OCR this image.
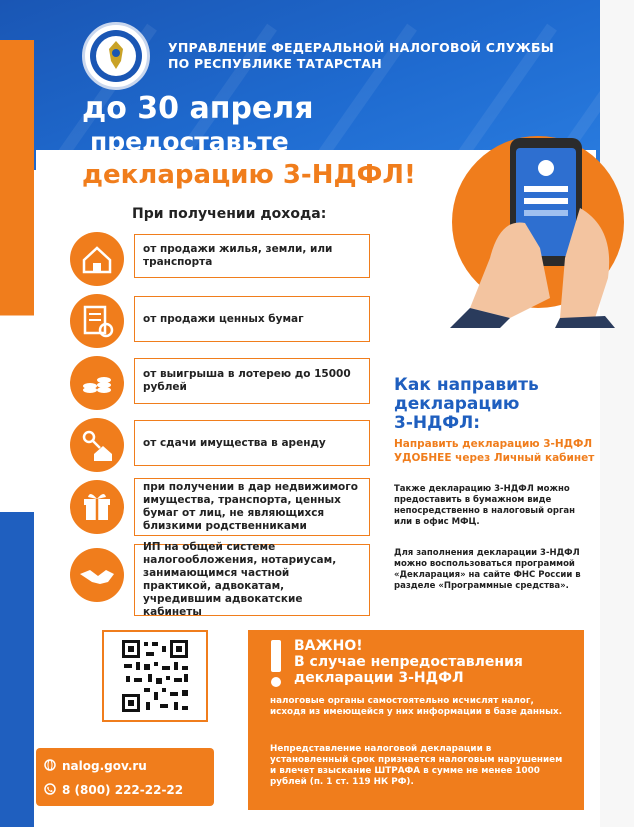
УПРАВЛЕНИЕ ФЕДЕРАЛЬНОЙ НАЛОГОВОЙ СЛУЖБЫ
ПО РЕСПУБЛИКЕ ТАТАРСТАН
до 30 апреля
предоставьте
декларацию 3-НДФЛ!
При получении дохода:
от продажи жилья, земли, или транспорта
от продажи ценных бумаг
от выигрыша в лотерею до 15000 рублей
от сдачи имущества в аренду
при получении в дар недвижимого имущества, транспорта, ценных бумаг от лиц, не являющихся близкими родственниками
ИП на общей системе налогообложения, нотариусам, занимающимся частной практикой, адвокатам, учредившим адвокатские кабинеты
Как направить
декларацию
3-НДФЛ:
Направить декларацию 3-НДФЛ
УДОБНЕЕ через Личный кабинет
Также декларацию 3-НДФЛ можно предоставить в бумажном виде непосредственно в налоговый орган или в офис МФЦ.
Для заполнения декларации 3-НДФЛ можно воспользоваться программой «Декларация» на сайте ФНС России в разделе «Программные средства».
nalog.gov.ru
8 (800) 222-22-22
ВАЖНО!
В случае непредоставления
декларации 3-НДФЛ
налоговые органы самостоятельно исчислят налог, исходя из имеющейся у них информации в базе данных.
Непредставление налоговой декларации в установленный срок признается налоговым нарушением и влечет взыскание ШТРАФА в сумме не менее 1000 рублей (п. 1 ст. 119 НК РФ).
